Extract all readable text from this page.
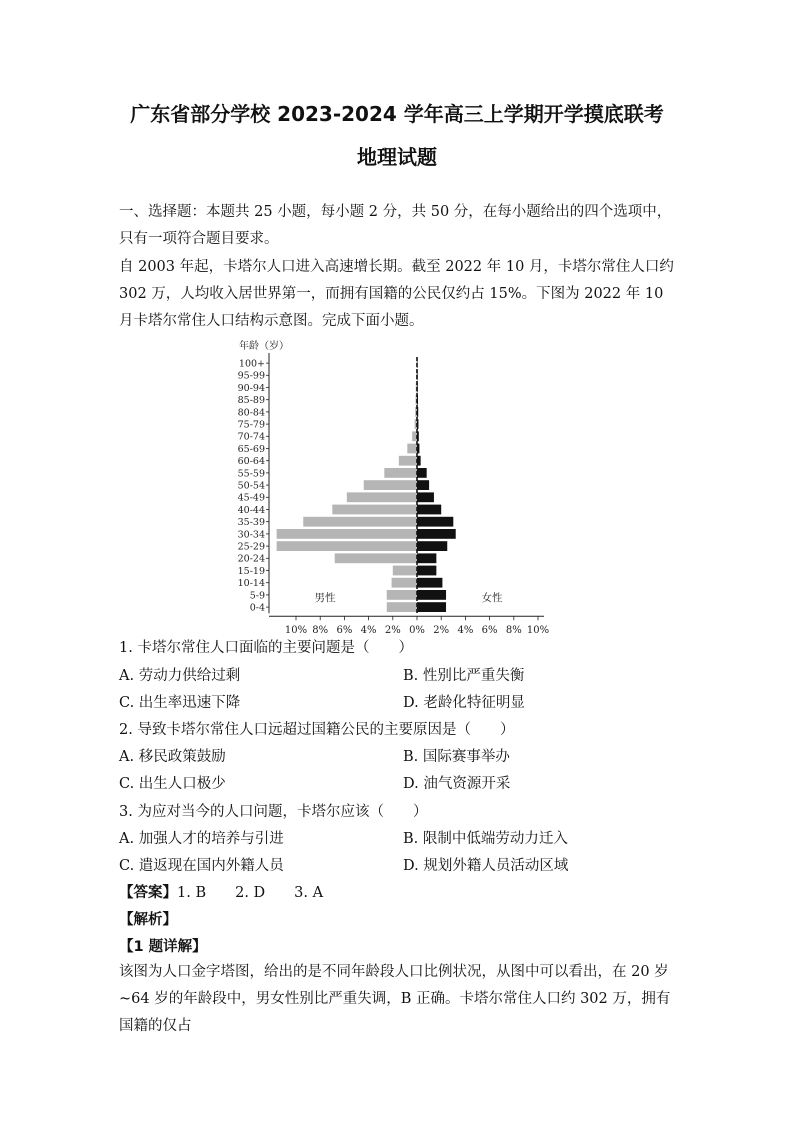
广东省部分学校 2023-2024 学年高三上学期开学摸底联考
地理试题
一、选择题：本题共 25 小题，每小题 2 分，共 50 分，在每小题给出的四个选项中，只有一项符合题目要求。
自 2003 年起，卡塔尔人口进入高速增长期。截至 2022 年 10 月，卡塔尔常住人口约 302 万，人均收入居世界第一，而拥有国籍的公民仅约占 15%。下图为 2022 年 10 月卡塔尔常住人口结构示意图。完成下面小题。
年龄（岁）
0-4
5-9
10-14
15-19
20-24
25-29
30-34
35-39
40-44
45-49
50-54
55-59
60-64
65-69
70-74
75-79
80-84
85-89
90-94
95-99
100+
10% 8% 6% 4% 2% 0% 2% 4% 6% 8% 10%
男性	女性
1. 卡塔尔常住人口面临的主要问题是（　　）
A. 劳动力供给过剩	B. 性别比严重失衡
C. 出生率迅速下降	D. 老龄化特征明显
2. 导致卡塔尔常住人口远超过国籍公民的主要原因是（　　）
A. 移民政策鼓励	B. 国际赛事举办
C. 出生人口极少	D. 油气资源开采
3. 为应对当今的人口问题，卡塔尔应该（　　）
A. 加强人才的培养与引进	B. 限制中低端劳动力迁入
C. 遣返现在国内外籍人员	D. 规划外籍人员活动区域
【答案】1. B　　2. D　　3. A
【解析】
【1 题详解】
该图为人口金字塔图，给出的是不同年龄段人口比例状况，从图中可以看出，在 20 岁~64 岁的年龄段中，男女性别比严重失调，B 正确。卡塔尔常住人口约 302 万，拥有国籍的仅占
